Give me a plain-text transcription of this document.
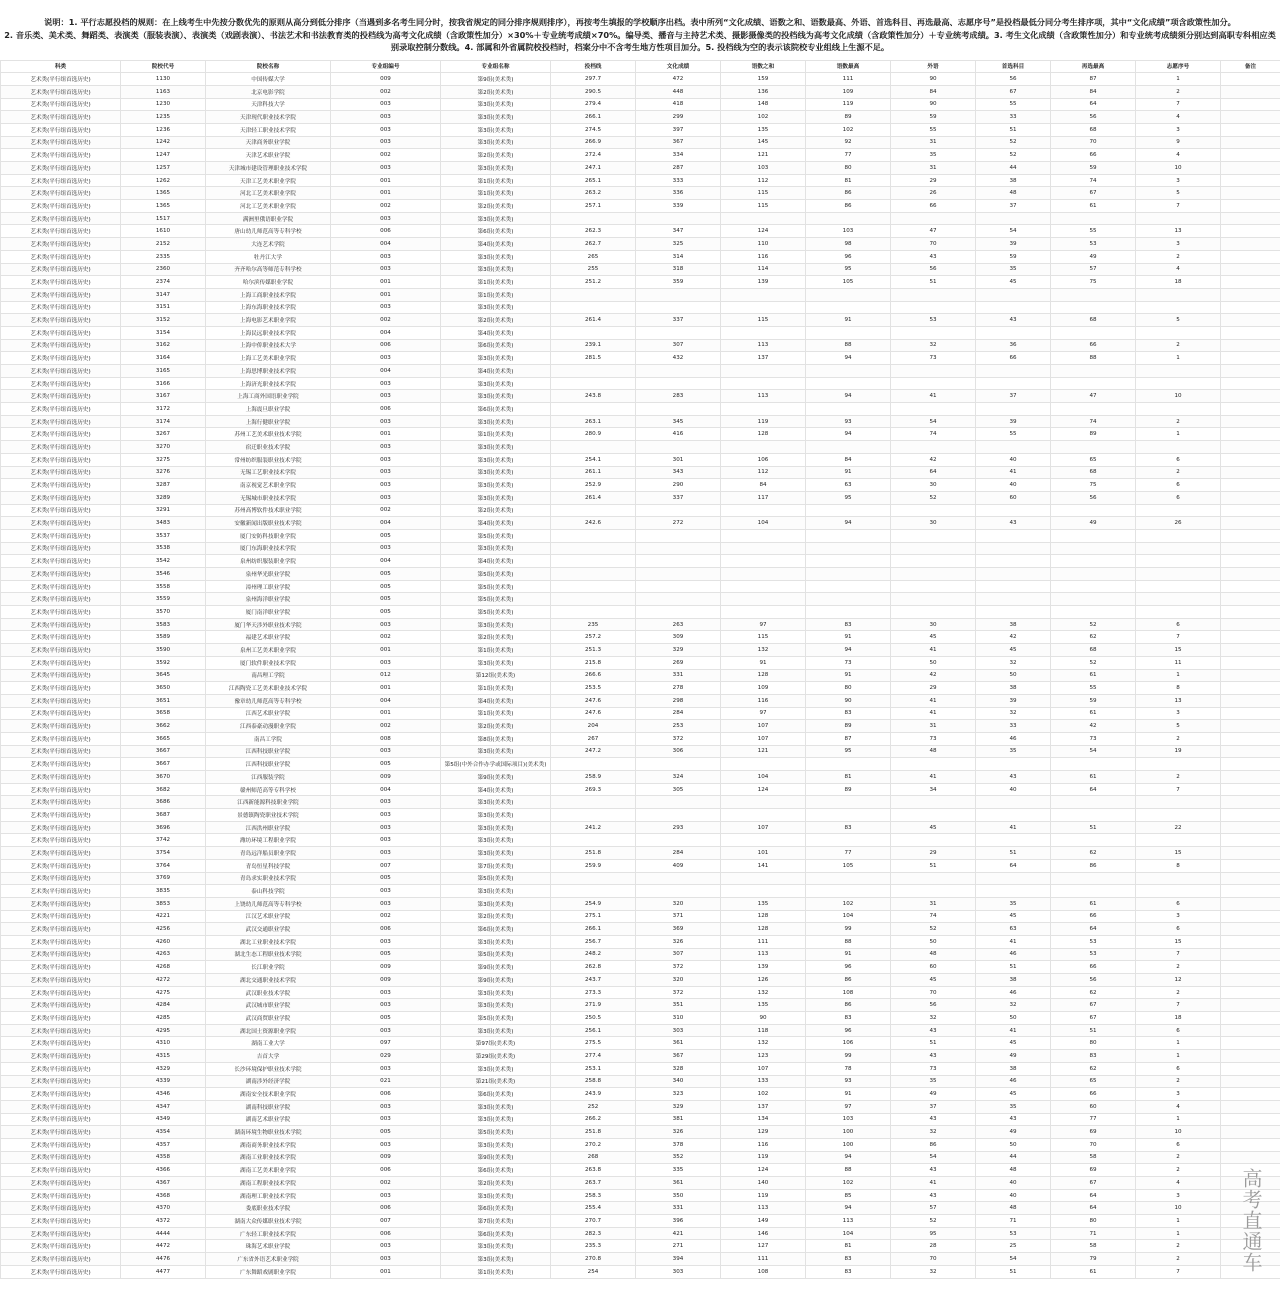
说明：1. 平行志愿投档的规则：在上线考生中先按分数优先的原则从高分到低分排序（当遇到多名考生同分时，按我省规定的同分排序规则排序），再按考生填报的学校顺序出档。表中所列“文化成绩、语数之和、语数最高、外语、首选科目、再选最高、志愿序号”是投档最低分同分考生排序项，其中“文化成绩”项含政策性加分。

2. 音乐类、美术类、舞蹈类、表演类（服装表演）、表演类（戏剧表演）、书法艺术和书法教育类的投档线为高考文化成绩（含政策性加分）×30%＋专业统考成绩×70%。编导类、播音与主持艺术类、摄影摄像类的投档线为高考文化成绩（含政策性加分）＋专业统考成绩。3. 考生文化成绩（含政策性加分）和专业统考成绩须分别达到高职专科相应类别录取控制分数线。4. 部属和外省属院校投档时，档案分中不含考生地方性项目加分。5. 投档线为空的表示该院校专业组线上生源不足。

科类	院校代号	院校名称	专业组编号	专业组名称	投档线	文化成绩	语数之和	语数最高	外语	首选科目	再选最高	志愿序号	备注
艺术类(平行组首选历史)	1130	中国传媒大学	009	第9组(美术类)	297.7	472	159	111	90	56	87	1	
艺术类(平行组首选历史)	1163	北京电影学院	002	第2组(美术类)	290.5	448	136	109	84	67	84	2	
艺术类(平行组首选历史)	1230	天津科技大学	003	第3组(美术类)	279.4	418	148	119	90	55	64	7	
艺术类(平行组首选历史)	1235	天津现代职业技术学院	003	第3组(美术类)	266.1	299	102	89	59	33	56	4	
艺术类(平行组首选历史)	1236	天津轻工职业技术学院	003	第3组(美术类)	274.5	397	135	102	55	51	68	3	
艺术类(平行组首选历史)	1242	天津商务职业学院	003	第3组(美术类)	266.9	367	145	92	31	52	70	9	
艺术类(平行组首选历史)	1247	天津艺术职业学院	002	第2组(美术类)	272.4	334	121	77	35	52	66	4	
艺术类(平行组首选历史)	1257	天津城市建设管理职业技术学院	003	第3组(美术类)	247.1	287	103	80	31	44	59	10	
艺术类(平行组首选历史)	1262	天津工艺美术职业学院	001	第1组(美术类)	265.1	333	112	81	29	38	74	3	
艺术类(平行组首选历史)	1365	河北工艺美术职业学院	001	第1组(美术类)	263.2	336	115	86	26	48	67	5	
艺术类(平行组首选历史)	1365	河北工艺美术职业学院	002	第2组(美术类)	257.1	339	115	86	66	37	61	7	
艺术类(平行组首选历史)	1517	满洲里俄语职业学院	003	第3组(美术类)									
艺术类(平行组首选历史)	1610	唐山幼儿师范高等专科学校	006	第6组(美术类)	262.3	347	124	103	47	54	55	13	
艺术类(平行组首选历史)	2152	大连艺术学院	004	第4组(美术类)	262.7	325	110	98	70	39	53	3	
艺术类(平行组首选历史)	2335	牡丹江大学	003	第3组(美术类)	265	314	116	96	43	59	49	2	
艺术类(平行组首选历史)	2360	齐齐哈尔高等师范专科学校	003	第3组(美术类)	255	318	114	95	56	35	57	4	
艺术类(平行组首选历史)	2374	哈尔滨传媒职业学院	001	第1组(美术类)	251.2	359	139	105	51	45	75	18	
艺术类(平行组首选历史)	3147	上海工商职业技术学院	001	第1组(美术类)									
艺术类(平行组首选历史)	3151	上海东海职业技术学院	003	第3组(美术类)									
艺术类(平行组首选历史)	3152	上海电影艺术职业学院	002	第2组(美术类)	261.4	337	115	91	53	43	68	5	
艺术类(平行组首选历史)	3154	上海民远职业技术学院	004	第4组(美术类)									
艺术类(平行组首选历史)	3162	上海中侨职业技术大学	006	第6组(美术类)	239.1	307	113	88	32	36	66	2	
艺术类(平行组首选历史)	3164	上海工艺美术职业学院	003	第3组(美术类)	281.5	432	137	94	73	66	88	1	
艺术类(平行组首选历史)	3165	上海思博职业技术学院	004	第4组(美术类)									
艺术类(平行组首选历史)	3166	上海济光职业技术学院	003	第3组(美术类)									
艺术类(平行组首选历史)	3167	上海工商外国语职业学院	003	第3组(美术类)	243.8	283	113	94	41	37	47	10	
艺术类(平行组首选历史)	3172	上海震旦职业学院	006	第6组(美术类)									
艺术类(平行组首选历史)	3174	上海行健职业学院	003	第3组(美术类)	263.1	345	119	93	54	39	74	2	
艺术类(平行组首选历史)	3267	苏州工艺美术职业技术学院	001	第1组(美术类)	280.9	416	128	94	74	55	89	1	
艺术类(平行组首选历史)	3270	宿迁职业技术学院	003	第3组(美术类)									
艺术类(平行组首选历史)	3275	常州纺织服装职业技术学院	003	第3组(美术类)	254.1	301	106	84	42	40	65	6	
艺术类(平行组首选历史)	3276	无锡工艺职业技术学院	003	第3组(美术类)	261.1	343	112	91	64	41	68	2	
艺术类(平行组首选历史)	3287	南京视觉艺术职业学院	003	第3组(美术类)	252.9	290	84	63	30	40	75	6	
艺术类(平行组首选历史)	3289	无锡城市职业技术学院	003	第3组(美术类)	261.4	337	117	95	52	60	56	6	
艺术类(平行组首选历史)	3291	苏州高博软件技术职业学院	002	第2组(美术类)									
艺术类(平行组首选历史)	3483	安徽新闻出版职业技术学院	004	第4组(美术类)	242.6	272	104	94	30	43	49	26	
艺术类(平行组首选历史)	3537	厦门安防科技职业学院	005	第5组(美术类)									
艺术类(平行组首选历史)	3538	厦门东海职业技术学院	003	第3组(美术类)									
艺术类(平行组首选历史)	3542	泉州纺织服装职业学院	004	第4组(美术类)									
艺术类(平行组首选历史)	3546	泉州华光职业学院	005	第5组(美术类)									
艺术类(平行组首选历史)	3558	漳州理工职业学院	005	第5组(美术类)									
艺术类(平行组首选历史)	3559	泉州海洋职业学院	005	第5组(美术类)									
艺术类(平行组首选历史)	3570	厦门南洋职业学院	005	第5组(美术类)									
艺术类(平行组首选历史)	3583	厦门华天涉外职业技术学院	003	第3组(美术类)	235	263	97	83	30	38	52	6	
艺术类(平行组首选历史)	3589	福建艺术职业学院	002	第2组(美术类)	257.2	309	115	91	45	42	62	7	
艺术类(平行组首选历史)	3590	泉州工艺美术职业学院	001	第1组(美术类)	251.3	329	132	94	41	45	68	15	
艺术类(平行组首选历史)	3592	厦门软件职业技术学院	003	第3组(美术类)	215.8	269	91	73	50	32	52	11	
艺术类(平行组首选历史)	3645	南昌理工学院	012	第12组(美术类)	266.6	331	128	91	42	50	61	1	
艺术类(平行组首选历史)	3650	江西陶瓷工艺美术职业技术学院	001	第1组(美术类)	253.5	278	109	80	29	38	55	8	
艺术类(平行组首选历史)	3651	豫章幼儿师范高等专科学校	004	第4组(美术类)	247.6	298	116	90	41	39	59	13	
艺术类(平行组首选历史)	3658	江西艺术职业学院	001	第1组(美术类)	247.6	284	97	83	41	32	61	3	
艺术类(平行组首选历史)	3662	江西泰豪动漫职业学院	002	第2组(美术类)	204	253	107	89	31	33	42	5	
艺术类(平行组首选历史)	3665	南昌工学院	008	第8组(美术类)	267	372	107	87	73	46	73	2	
艺术类(平行组首选历史)	3667	江西科技职业学院	003	第3组(美术类)	247.2	306	121	95	48	35	54	19	
艺术类(平行组首选历史)	3667	江西科技职业学院	005	第5组(中外合作办学或国际项目)(美术类)									
艺术类(平行组首选历史)	3670	江西服装学院	009	第9组(美术类)	258.9	324	104	81	41	43	61	2	
艺术类(平行组首选历史)	3682	赣州师范高等专科学校	004	第4组(美术类)	269.3	305	124	89	34	40	64	7	
艺术类(平行组首选历史)	3686	江西新能源科技职业学院	003	第3组(美术类)									
艺术类(平行组首选历史)	3687	景德镇陶瓷职业技术学院	003	第3组(美术类)									
艺术类(平行组首选历史)	3696	江西洪州职业学院	003	第3组(美术类)	241.2	293	107	83	45	41	51	22	
艺术类(平行组首选历史)	3742	潍坊环境工程职业学院	003	第3组(美术类)									
艺术类(平行组首选历史)	3754	青岛远洋船员职业学院	003	第3组(美术类)	251.8	284	101	77	29	51	62	15	
艺术类(平行组首选历史)	3764	青岛恒星科技学院	007	第7组(美术类)	259.9	409	141	105	51	64	86	8	
艺术类(平行组首选历史)	3769	青岛求实职业技术学院	005	第5组(美术类)									
艺术类(平行组首选历史)	3835	泰山科技学院	003	第3组(美术类)									
艺术类(平行组首选历史)	3853	上饶幼儿师范高等专科学校	003	第3组(美术类)	254.9	320	135	102	31	35	61	6	
艺术类(平行组首选历史)	4221	江汉艺术职业学院	002	第2组(美术类)	275.1	371	128	104	74	45	66	3	
艺术类(平行组首选历史)	4256	武汉交通职业学院	006	第6组(美术类)	266.1	369	128	99	52	63	64	6	
艺术类(平行组首选历史)	4260	湖北工业职业技术学院	003	第3组(美术类)	256.7	326	111	88	50	41	53	15	
艺术类(平行组首选历史)	4263	湖北生态工程职业技术学院	005	第5组(美术类)	248.2	307	113	91	48	46	53	7	
艺术类(平行组首选历史)	4268	长江职业学院	009	第9组(美术类)	262.8	372	139	96	60	51	66	2	
艺术类(平行组首选历史)	4272	湖北交通职业技术学院	009	第9组(美术类)	243.7	320	126	86	45	38	56	12	
艺术类(平行组首选历史)	4275	武汉职业技术学院	003	第3组(美术类)	273.3	372	132	108	70	46	62	2	
艺术类(平行组首选历史)	4284	武汉城市职业学院	003	第3组(美术类)	271.9	351	135	86	56	32	67	7	
艺术类(平行组首选历史)	4285	武汉商贸职业学院	005	第5组(美术类)	250.5	310	90	83	32	50	67	18	
艺术类(平行组首选历史)	4295	湖北国土资源职业学院	003	第3组(美术类)	256.1	303	118	96	43	41	51	6	
艺术类(平行组首选历史)	4310	湖南工业大学	097	第97组(美术类)	275.5	361	132	106	51	45	80	1	
艺术类(平行组首选历史)	4315	吉首大学	029	第29组(美术类)	277.4	367	123	99	43	49	83	1	
艺术类(平行组首选历史)	4329	长沙环境保护职业技术学院	003	第3组(美术类)	253.1	328	107	78	73	38	62	6	
艺术类(平行组首选历史)	4339	湖南涉外经济学院	021	第21组(美术类)	258.8	340	133	93	35	46	65	2	
艺术类(平行组首选历史)	4346	湖南安全技术职业学院	006	第6组(美术类)	243.9	323	102	91	49	45	66	3	
艺术类(平行组首选历史)	4347	湖南科技职业学院	003	第3组(美术类)	252	329	137	97	37	35	60	4	
艺术类(平行组首选历史)	4349	湖南艺术职业学院	003	第3组(美术类)	266.2	381	134	103	43	43	77	1	
艺术类(平行组首选历史)	4354	湖南环境生物职业技术学院	005	第5组(美术类)	251.8	326	129	100	32	49	69	10	
艺术类(平行组首选历史)	4357	湖南商务职业技术学院	003	第3组(美术类)	270.2	378	116	100	86	50	70	6	
艺术类(平行组首选历史)	4358	湖南工业职业技术学院	009	第9组(美术类)	268	352	119	94	54	44	58	2	
艺术类(平行组首选历史)	4366	湖南工艺美术职业学院	006	第6组(美术类)	263.8	335	124	88	43	48	69	2	
艺术类(平行组首选历史)	4367	湖南工程职业技术学院	002	第2组(美术类)	263.7	361	140	102	41	40	67	4	
艺术类(平行组首选历史)	4368	湖南理工职业技术学院	003	第3组(美术类)	258.3	350	119	85	43	40	64	3	
艺术类(平行组首选历史)	4370	娄底职业技术学院	006	第6组(美术类)	255.4	331	113	94	57	48	64	10	
艺术类(平行组首选历史)	4372	湖南大众传媒职业技术学院	007	第7组(美术类)	270.7	396	149	113	52	71	80	1	
艺术类(平行组首选历史)	4444	广东轻工职业技术学院	006	第6组(美术类)	282.3	421	146	104	95	53	71	1	
艺术类(平行组首选历史)	4472	珠海艺术职业学院	003	第3组(美术类)	235.3	271	127	81	28	25	58	2	
艺术类(平行组首选历史)	4476	广东省外语艺术职业学院	003	第3组(美术类)	270.8	394	111	83	70	54	79	2	
艺术类(平行组首选历史)	4477	广东舞蹈戏剧职业学院	001	第1组(美术类)	254	303	108	83	32	51	61	7		高考直通车
